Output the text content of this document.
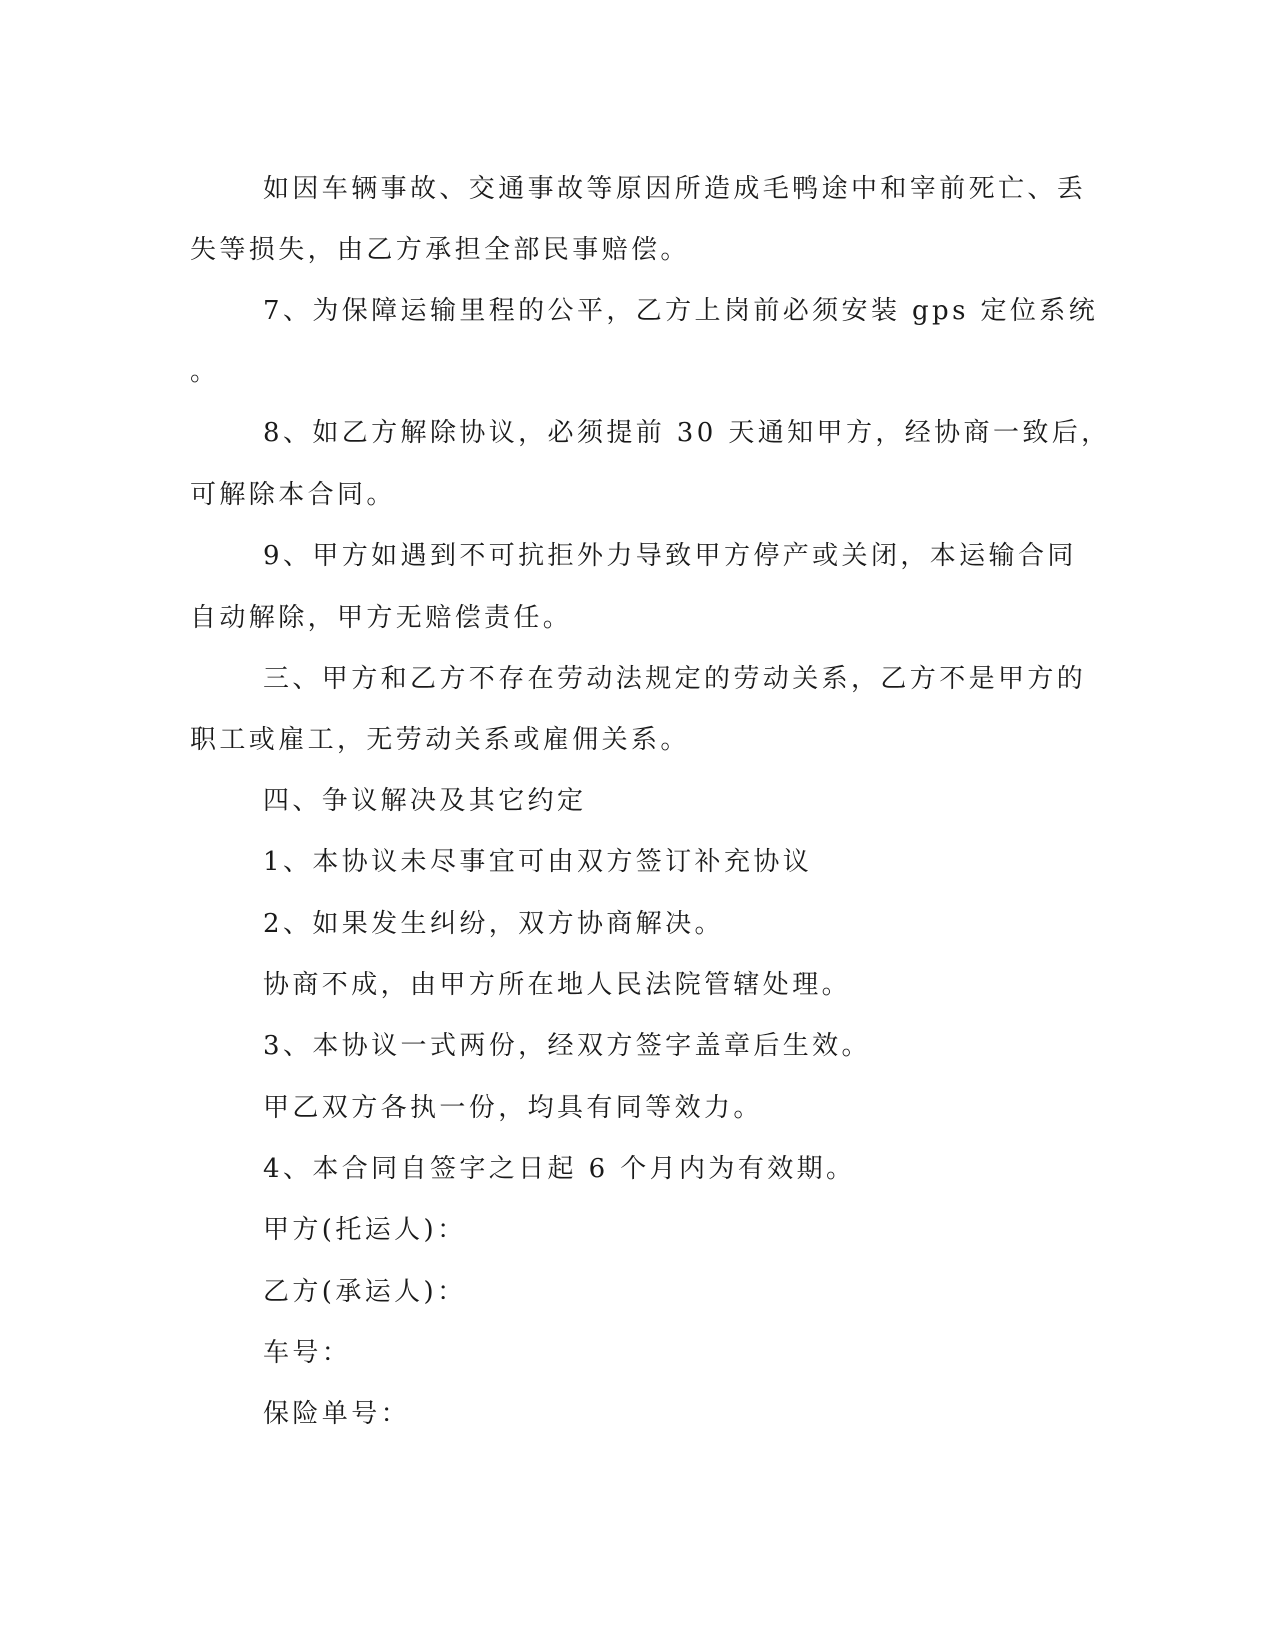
如因车辆事故、交通事故等原因所造成毛鸭途中和宰前死亡、丢
失等损失，由乙方承担全部民事赔偿。
7、为保障运输里程的公平，乙方上岗前必须安装 gps 定位系统
。
8、如乙方解除协议，必须提前 30 天通知甲方，经协商一致后，
可解除本合同。
9、甲方如遇到不可抗拒外力导致甲方停产或关闭，本运输合同
自动解除，甲方无赔偿责任。
三、甲方和乙方不存在劳动法规定的劳动关系，乙方不是甲方的
职工或雇工，无劳动关系或雇佣关系。
四、争议解决及其它约定
1、本协议未尽事宜可由双方签订补充协议
2、如果发生纠纷，双方协商解决。
协商不成，由甲方所在地人民法院管辖处理。
3、本协议一式两份，经双方签字盖章后生效。
甲乙双方各执一份，均具有同等效力。
4、本合同自签字之日起 6 个月内为有效期。
甲方(托运人)：
乙方(承运人)：
车号：
保险单号：
